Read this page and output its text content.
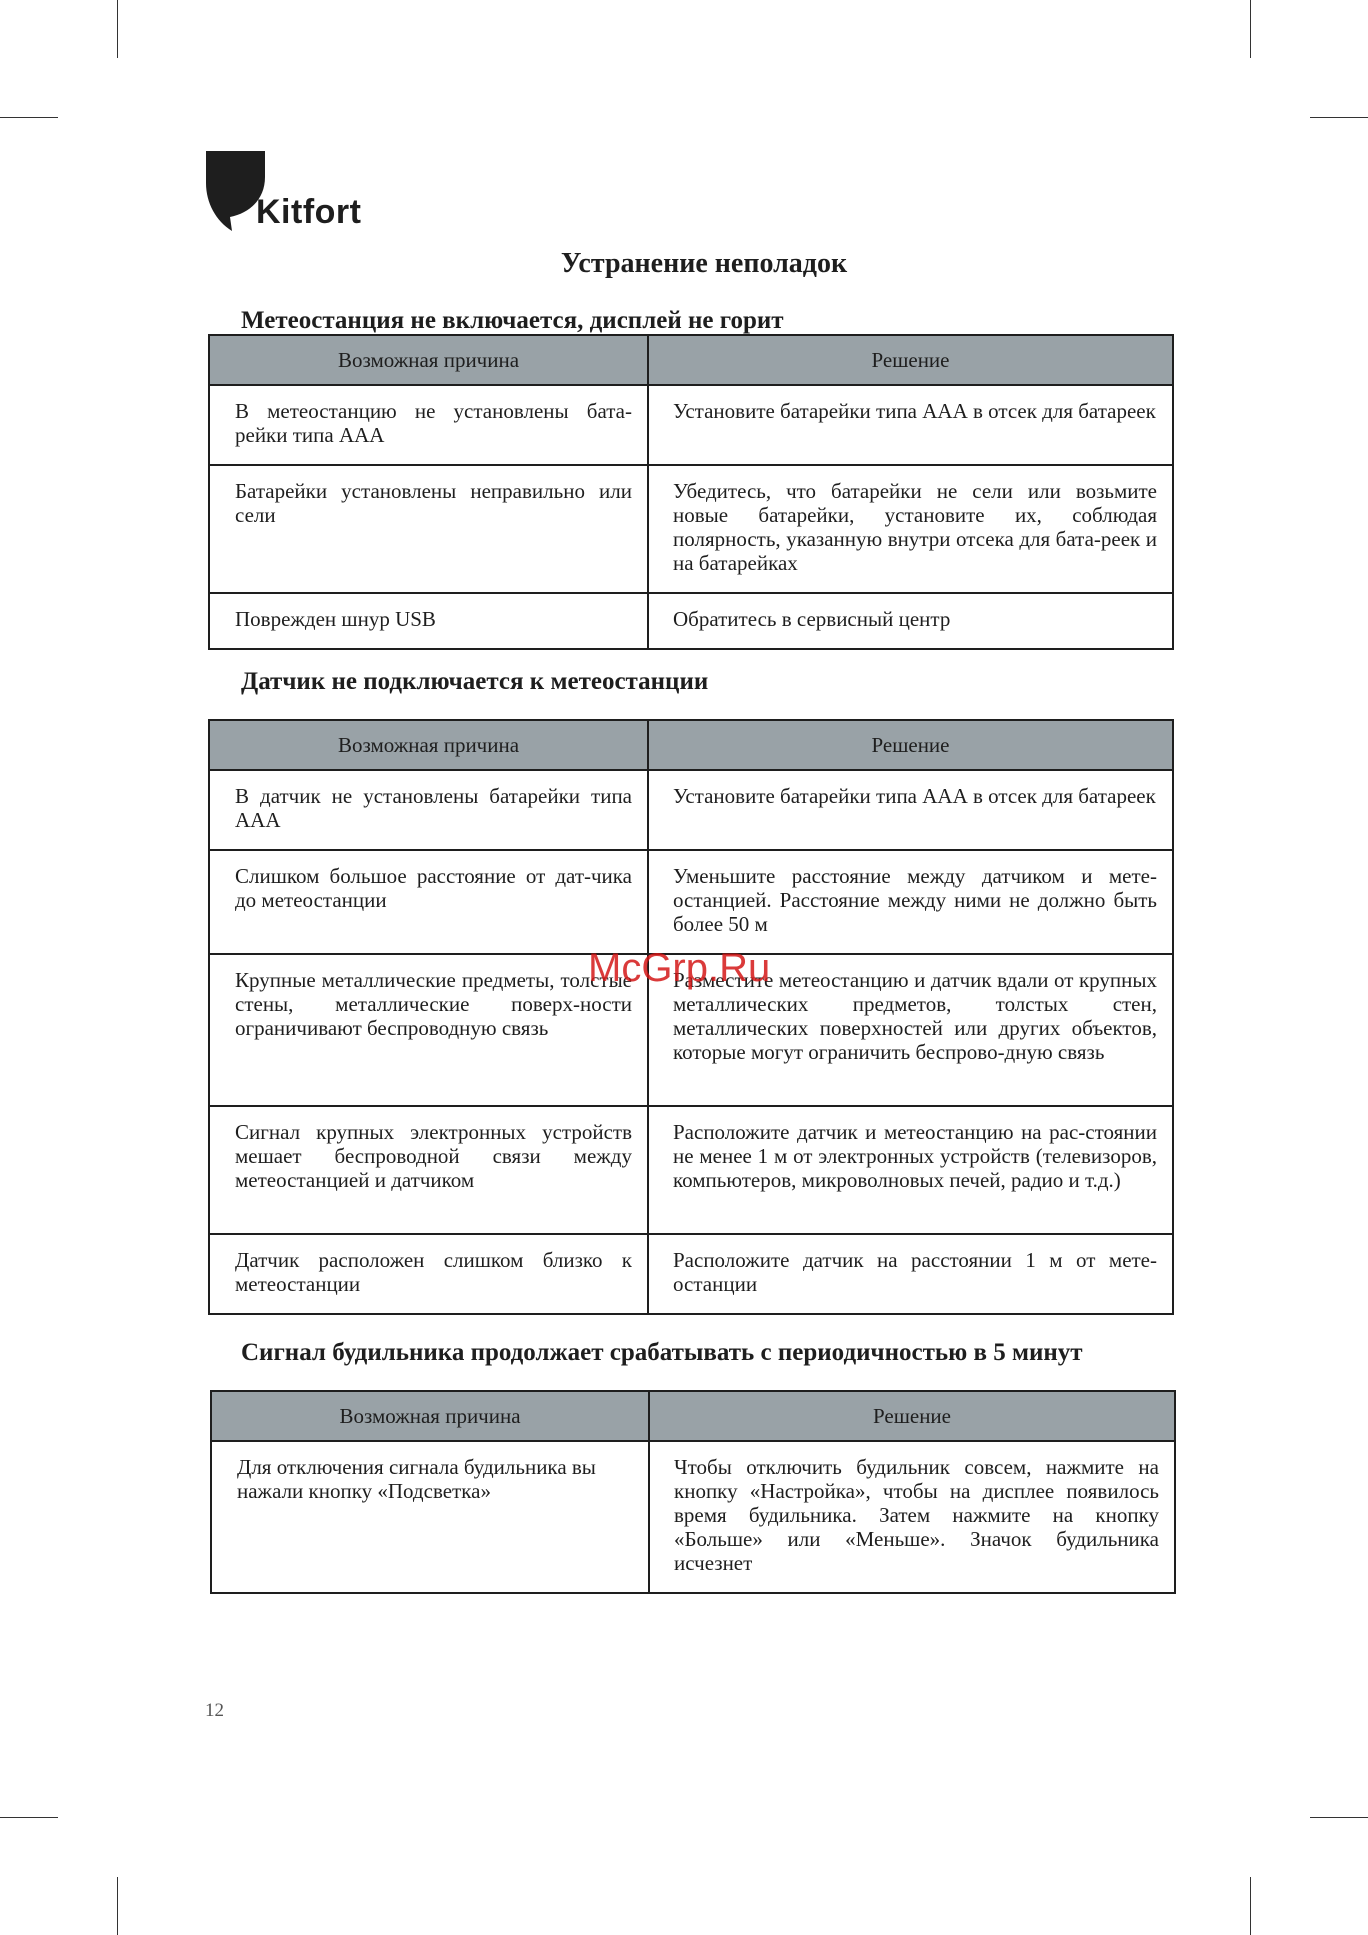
Kitfort
Устранение неполадок
Метеостанция не включается, дисплей не горит
Возможная причина	Решение
В метеостанцию не установлены бата-рейки типа ААА	Установите батарейки типа ААА в отсек для батареек
Батарейки установлены неправильно или сели	Убедитесь, что батарейки не сели или возьмите новые батарейки, установите их, соблюдая полярность, указанную внутри отсека для бата-реек и на батарейках
Поврежден шнур USB	Обратитесь в сервисный центр
Датчик не подключается к метеостанции
Возможная причина	Решение
В датчик не установлены батарейки типа ААА	Установите батарейки типа ААА в отсек для батареек
Слишком большое расстояние от дат-чика до метеостанции	Уменьшите расстояние между датчиком и мете-останцией. Расстояние между ними не должно быть более 50 м
Крупные металлические предметы, толстые стены, металлические поверх-ности ограничивают беспроводную связь	Разместите метеостанцию и датчик вдали от крупных металлических предметов, толстых стен, металлических поверхностей или других объектов, которые могут ограничить беспрово-дную связь
Сигнал крупных электронных устройств мешает беспроводной связи между метеостанцией и датчиком	Расположите датчик и метеостанцию на рас-стоянии не менее 1 м от электронных устройств (телевизоров, компьютеров, микроволновых печей, радио и т.д.)
Датчик расположен слишком близко к метеостанции	Расположите датчик на расстоянии 1 м от мете-останции
Сигнал будильника продолжает срабатывать с периодичностью в 5 минут
Возможная причина	Решение
Для отключения сигнала будильника вы нажали кнопку «Подсветка»	Чтобы отключить будильник совсем, нажмите на кнопку «Настройка», чтобы на дисплее появилось время будильника. Затем нажмите на кнопку «Больше» или «Меньше». Значок будильника исчезнет
McGrp.Ru
12
